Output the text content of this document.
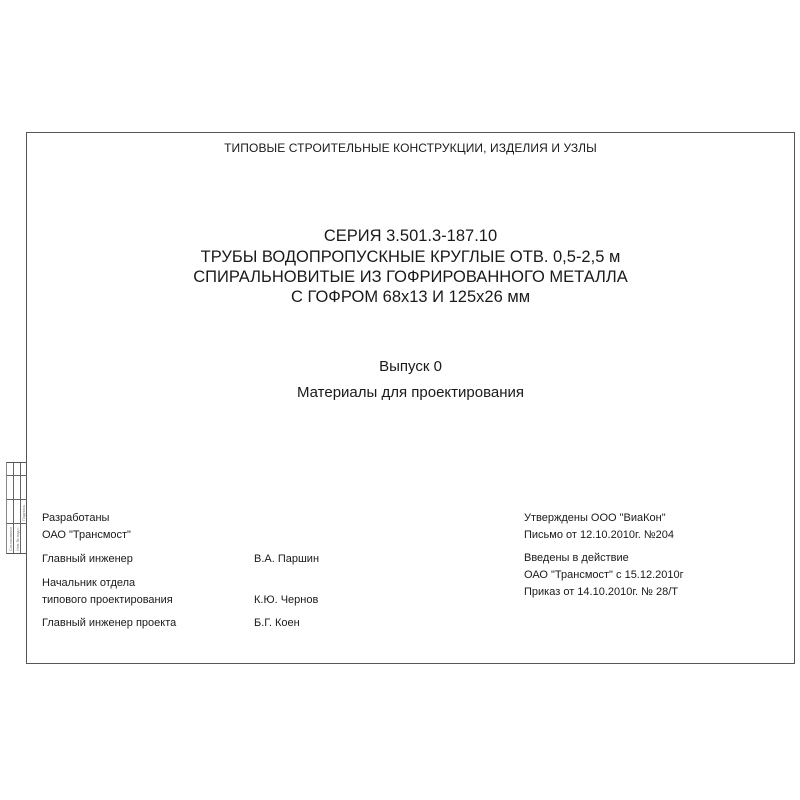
Согласовано Инв.№ подл.
Подпись
ТИПОВЫЕ СТРОИТЕЛЬНЫЕ КОНСТРУКЦИИ, ИЗДЕЛИЯ И УЗЛЫ
СЕРИЯ 3.501.3-187.10
ТРУБЫ ВОДОПРОПУСКНЫЕ КРУГЛЫЕ ОТВ. 0,5-2,5 м
СПИРАЛЬНОВИТЫЕ ИЗ ГОФРИРОВАННОГО МЕТАЛЛА
С ГОФРОМ 68х13 И 125х26 мм
Выпуск 0
Материалы для проектирования
Разработаны
ОАО "Трансмост"
Главный инженер	В.А. Паршин
Начальник отдела
типового проектирования	К.Ю. Чернов
Главный инженер проекта	Б.Г. Коен
Утверждены ООО "ВиаКон"
Письмо от 12.10.2010г. №204
Введены в действие
ОАО "Трансмост" с 15.12.2010г
Приказ от 14.10.2010г. № 28/Т
